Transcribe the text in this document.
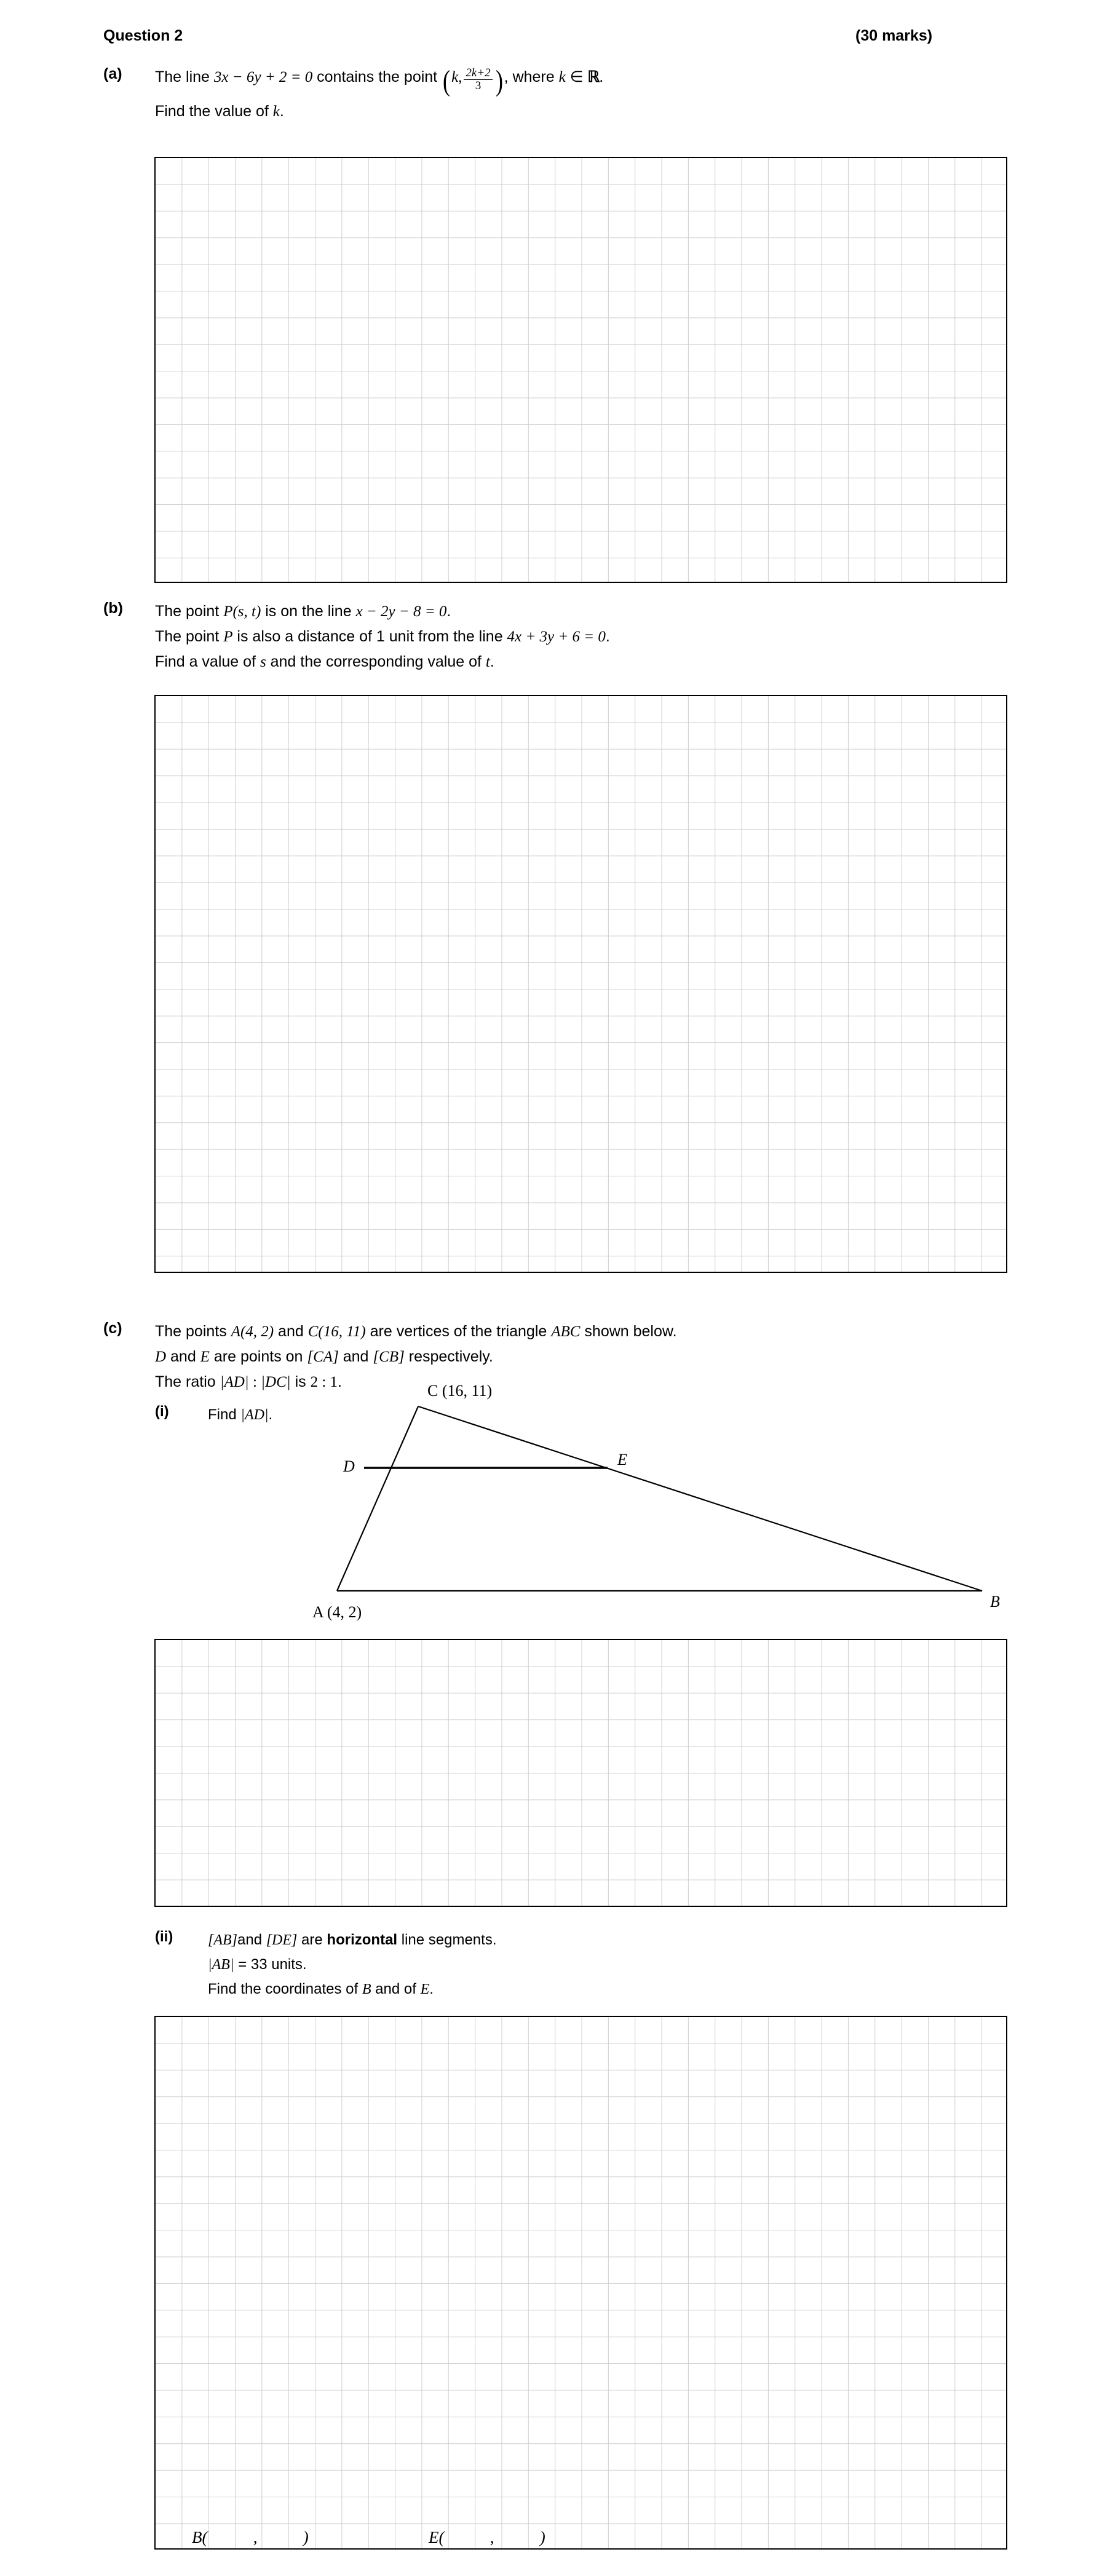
Question 2	(30 marks)
(a) The line 3x − 6y + 2 = 0 contains the point (k, $\frac{2k+2}{3}$ ), where k ∈ ℝ.
Find the value of k.
(b) The point P(s, t) is on the line x − 2y − 8 = 0.
The point P is also a distance of 1 unit from the line 4x + 3y + 6 = 0.
Find a value of s and the corresponding value of t.
(c) The points A(4, 2) and C(16, 11) are vertices of the triangle ABC shown below.
D and E are points on [CA] and [CB] respectively.
The ratio |AD| : |DC| is 2 : 1.
(i)	Find |AD|.
C (16, 11)
A (4, 2)
B
D	E
(ii) [AB]and [DE] are horizontal line segments.
|AB| = 33 units.
Find the coordinates of B and of E.

B(           ,           )
	E(           ,           )
